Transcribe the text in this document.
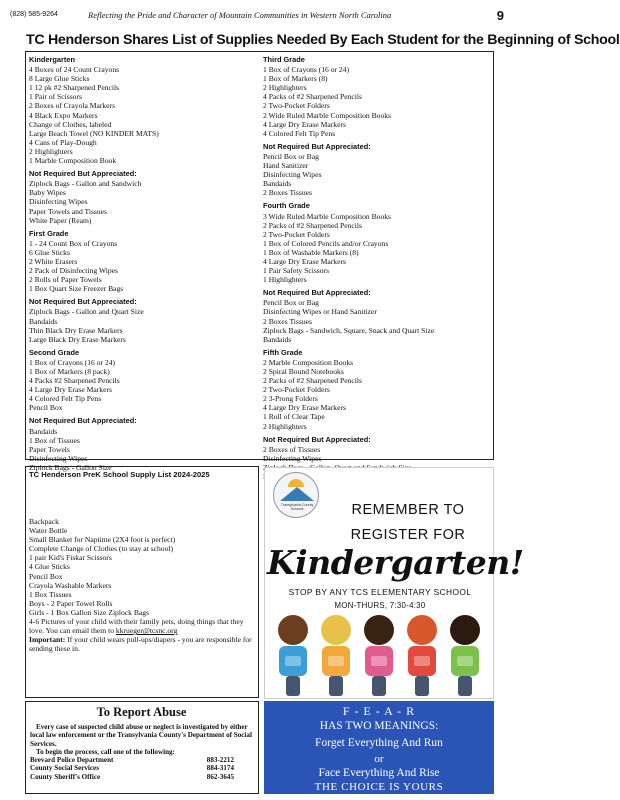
(828) 585-9264	Reflecting the Pride and Character of Mountain Communities in Western North Carolina	9
TC Henderson Shares List of Supplies Needed By Each Student for the Beginning of School
Kindergarten
4 Boxes of 24 Count Crayons
8 Large Glue Sticks
1 12 pk #2 Sharpened Pencils
1 Pair of Scissors
2 Boxes of Crayola Markers
4 Black Expo Markers
Change of Clothes, labeled
Large Beach Towel (NO KINDER MATS)
4 Cans of Play-Dough
2 Highlighters
1 Marble Composition Book
Not Required But Appreciated:
Ziplock Bags - Gallon and Sandwich
Baby Wipes
Disinfecting Wipes
Paper Towels and Tissues
White Paper (Ream)
First Grade
1 - 24 Count Box of Crayons
6 Glue Sticks
2 White Erasers
2 Pack of Disinfecting Wipes
2 Rolls of Paper Towels
1 Box Quart Size Freezer Bags
Not Required But Appreciated:
Ziplock Bags - Gallon and Quart Size
Bandaids
Thin Black Dry Erase Markers
Large Black Dry Erase Markers
Second Grade
1 Box of Crayons (16 or 24)
1 Box of Markers (8 pack)
4 Packs #2 Sharpened Pencils
4 Large Dry Erase Markers
4 Colored Felt Tip Pens
Pencil Box
Not Required But Appreciated:
Bandaids
1 Box of Tissues
Paper Towels
Disinfecting Wipes
Ziplock Bags - Gallon Size
Third Grade
1 Box of Crayons (16 or 24)
1 Box of Markers (8)
2 Highlighters
4 Packs of #2 Sharpened Pencils
2 Two-Pocket Folders
2 Wide Ruled Marble Composition Books
4 Large Dry Erase Markers
4 Colored Felt Tip Pens
Not Required But Appreciated:
Pencil Box or Bag
Hand Sanitizer
Disinfecting Wipes
Bandaids
2 Boxes Tissues
Fourth Grade
3 Wide Ruled Marble Composition Books
2 Packs of #2 Sharpened Pencils
2 Two-Pocket Folders
1 Box of Colored Pencils and/or Crayons
1 Box of Washable Markers (8)
4 Large Dry Erase Markers
1 Pair Safety Scissors
1 Highlighters
Not Required But Appreciated:
Pencil Box or Bag
Disinfecting Wipes or Hand Sanitizer
2 Boxes Tissues
Ziplock Bags - Sandwich, Square, Snack and Quart Size
Bandaids
Fifth Grade
2 Marble Composition Books
2 Spiral Bound Notebooks
2 Packs of #2 Sharpened Pencils
2 Two-Pocket Folders
2 3-Prong Folders
4 Large Dry Erase Markers
1 Roll of Clear Tape
2 Highlighters
Not Required But Appreciated:
2 Boxes of Tissues
Disinfecting Wipes
TC Henderson PreK School Supply List 2024-2025
Backpack
Water Bottle
Small Blanket for Naptime (2X4 foot is perfect)
Complete Change of Clothes (to stay at school)
1 pair Kid's Fiskar Scissors
4 Glue Sticks
Pencil Box
Crayola Washable Markers
1 Box Tissues
Boys - 2 Paper Towel Rolls
Girls - 1 Box Gallon Size Ziplock Bags
4-6 Pictures of your child with their family pets, doing things that they love. You can email them to kkrueger@tcsnc.org
Important: If your child wears pull-ups/diapers - you are responsible for sending these in.
Transylvania County Schools	REMEMBER TO
REGISTER FOR
Kindergarten!
STOP BY ANY TCS ELEMENTARY SCHOOL
MON-THURS, 7:30-4:30
To Report Abuse
Every case of suspected child abuse or neglect is investigated by either local law enforcement or the Transylvania County's Department of Social Services.
To begin the process, call one of the following:
Brevard Police Department	883-2212
County Social Services	884-3174
County Sheriff's Office	862-3645
F - E - A - R
HAS TWO MEANINGS:
Forget Everything And Run
or
Face Everything And Rise
THE CHOICE IS YOURS
